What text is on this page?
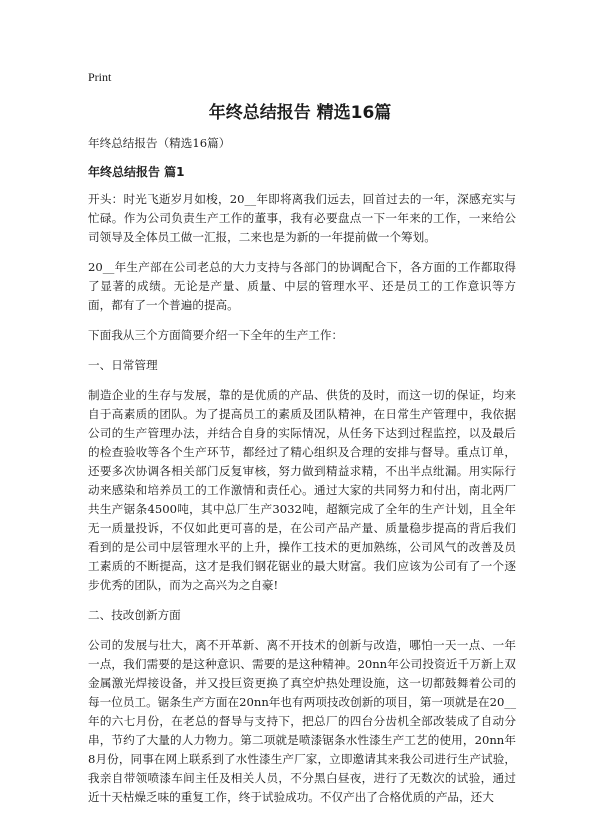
Print
年终总结报告 精选16篇
年终总结报告（精选16篇）
年终总结报告 篇1

开头：时光飞逝岁月如梭，20__年即将离我们远去，回首过去的一年，深感充实与忙碌。作为公司负责生产工作的董事，我有必要盘点一下一年来的工作，一来给公司领导及全体员工做一汇报，二来也是为新的一年提前做一个筹划。

20__年生产部在公司老总的大力支持与各部门的协调配合下，各方面的工作都取得了显著的成绩。无论是产量、质量、中层的管理水平、还是员工的工作意识等方面，都有了一个普遍的提高。

下面我从三个方面简要介绍一下全年的生产工作：

一、日常管理

制造企业的生存与发展，靠的是优质的产品、供货的及时，而这一切的保证，均来自于高素质的团队。为了提高员工的素质及团队精神，在日常生产管理中，我依据公司的生产管理办法，并结合自身的实际情况，从任务下达到过程监控，以及最后的检查验收等各个生产环节，都经过了精心组织及合理的安排与督导。重点订单，还要多次协调各相关部门反复审核，努力做到精益求精，不出半点纰漏。用实际行动来感染和培养员工的工作激情和责任心。通过大家的共同努力和付出，南北两厂共生产锯条4500吨，其中总厂生产3032吨，超额完成了全年的生产计划，且全年无一质量投诉，不仅如此更可喜的是，在公司产品产量、质量稳步提高的背后我们看到的是公司中层管理水平的上升，操作工技术的更加熟练，公司风气的改善及员工素质的不断提高，这才是我们钢花锯业的最大财富。我们应该为公司有了一个逐步优秀的团队，而为之高兴为之自豪!

二、技改创新方面

公司的发展与壮大，离不开革新、离不开技术的创新与改造，哪怕一天一点、一年一点，我们需要的是这种意识、需要的是这种精神。20nn年公司投资近千万新上双金属激光焊接设备，并又投巨资更换了真空炉热处理设施，这一切都鼓舞着公司的每一位员工。锯条生产方面在20nn年也有两项技改创新的项目，第一项就是在20__年的六七月份，在老总的督导与支持下，把总厂的四台分齿机全部改装成了自动分串，节约了大量的人力物力。第二项就是喷漆锯条水性漆生产工艺的使用，20nn年8月份，同事在网上联系到了水性漆生产厂家，立即邀请其来我公司进行生产试验，我亲自带领喷漆车间主任及相关人员，不分黑白昼夜，进行了无数次的试验，通过近十天枯燥乏味的重复工作，终于试验成功。不仅产出了合格优质的产品，还大
